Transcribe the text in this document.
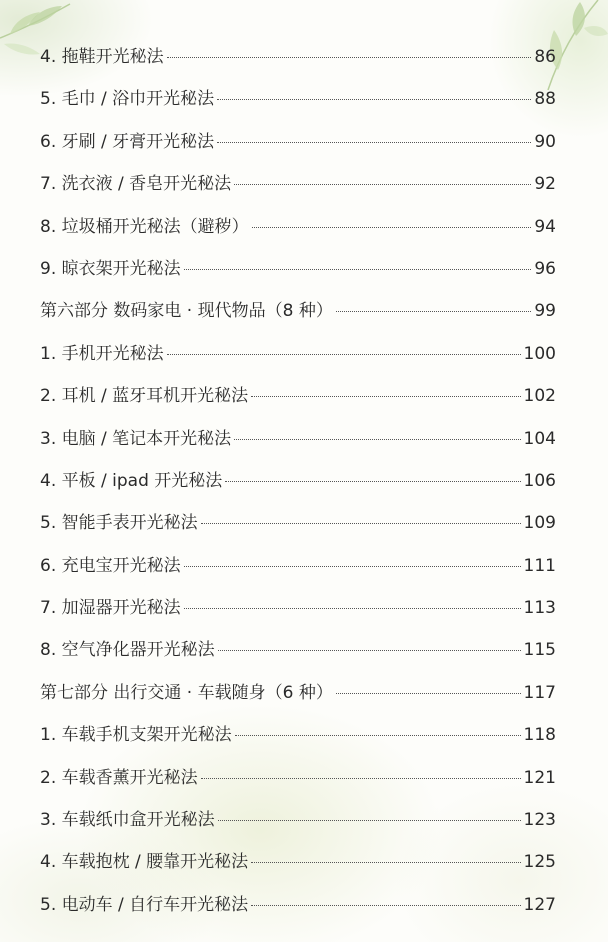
4. 拖鞋开光秘法	86
5. 毛巾 / 浴巾开光秘法	88
6. 牙刷 / 牙膏开光秘法	90
7. 洗衣液 / 香皂开光秘法	92
8. 垃圾桶开光秘法（避秽）	94
9. 晾衣架开光秘法	96
第六部分 数码家电 · 现代物品（8 种）	99
1. 手机开光秘法	100
2. 耳机 / 蓝牙耳机开光秘法	102
3. 电脑 / 笔记本开光秘法	104
4. 平板 / ipad 开光秘法	106
5. 智能手表开光秘法	109
6. 充电宝开光秘法	111
7. 加湿器开光秘法	113
8. 空气净化器开光秘法	115
第七部分 出行交通 · 车载随身（6 种）	117
1. 车载手机支架开光秘法	118
2. 车载香薰开光秘法	121
3. 车载纸巾盒开光秘法	123
4. 车载抱枕 / 腰靠开光秘法	125
5. 电动车 / 自行车开光秘法	127
